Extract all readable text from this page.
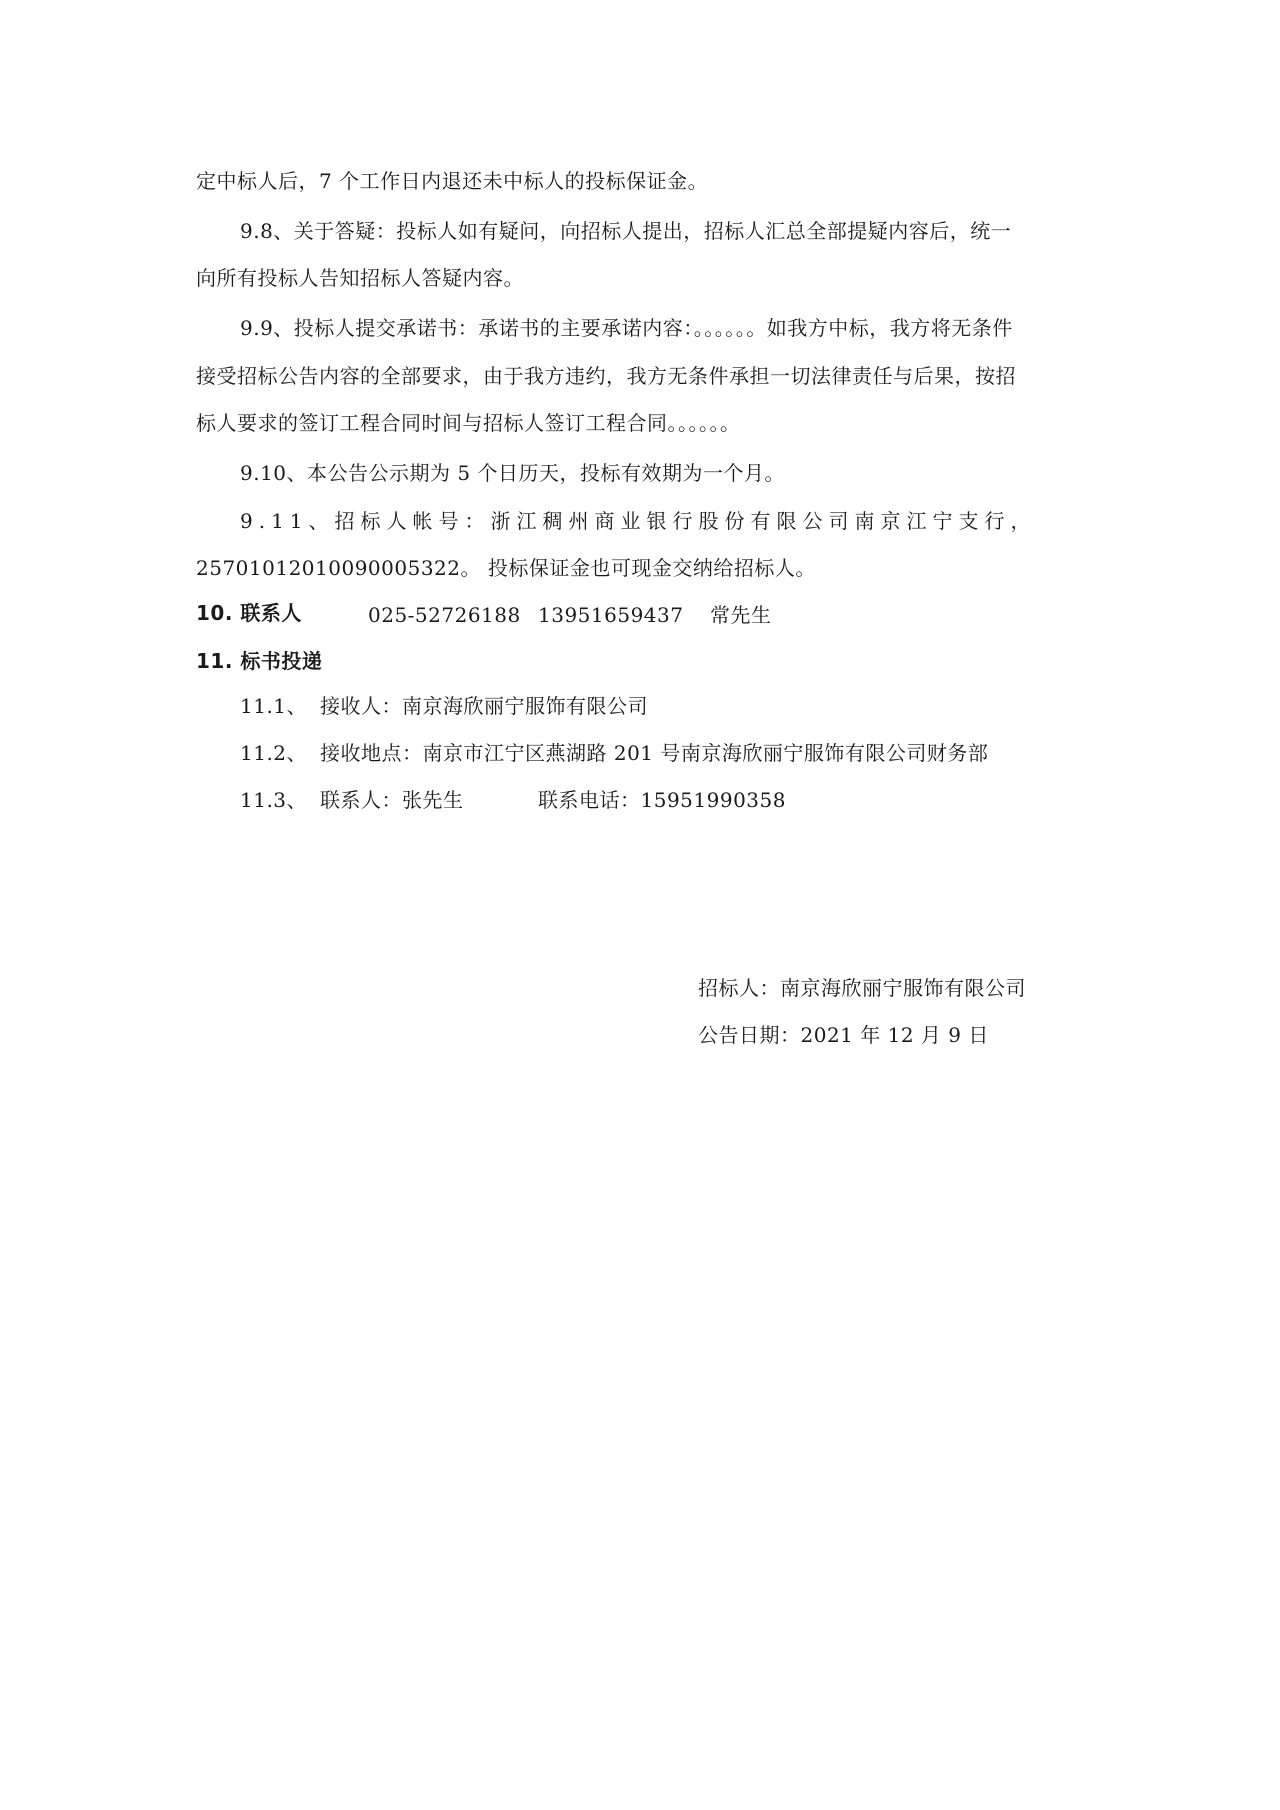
定中标人后，7 个工作日内退还未中标人的投标保证金。
9.8、关于答疑：投标人如有疑问，向招标人提出，招标人汇总全部提疑内容后，统一
向所有投标人告知招标人答疑内容。
9.9、投标人提交承诺书：承诺书的主要承诺内容：。。。。。。如我方中标，我方将无条件
接受招标公告内容的全部要求，由于我方违约，我方无条件承担一切法律责任与后果，按招
标人要求的签订工程合同时间与招标人签订工程合同。。。。。。
9.10、本公告公示期为 5 个日历天，投标有效期为一个月。
9.11、招标人帐号：浙江稠州商业银行股份有限公司南京江宁支行，
25701012010090005322。 投标保证金也可现金交纳给招标人。
10. 联系人	025-52726188 13951659437 常先生
11. 标书投递
11.1、 接收人：南京海欣丽宁服饰有限公司
11.2、 接收地点：南京市江宁区燕湖路 201 号南京海欣丽宁服饰有限公司财务部
11.3、 联系人：张先生	联系电话：15951990358
招标人：南京海欣丽宁服饰有限公司
公告日期：2021 年 12 月 9 日
